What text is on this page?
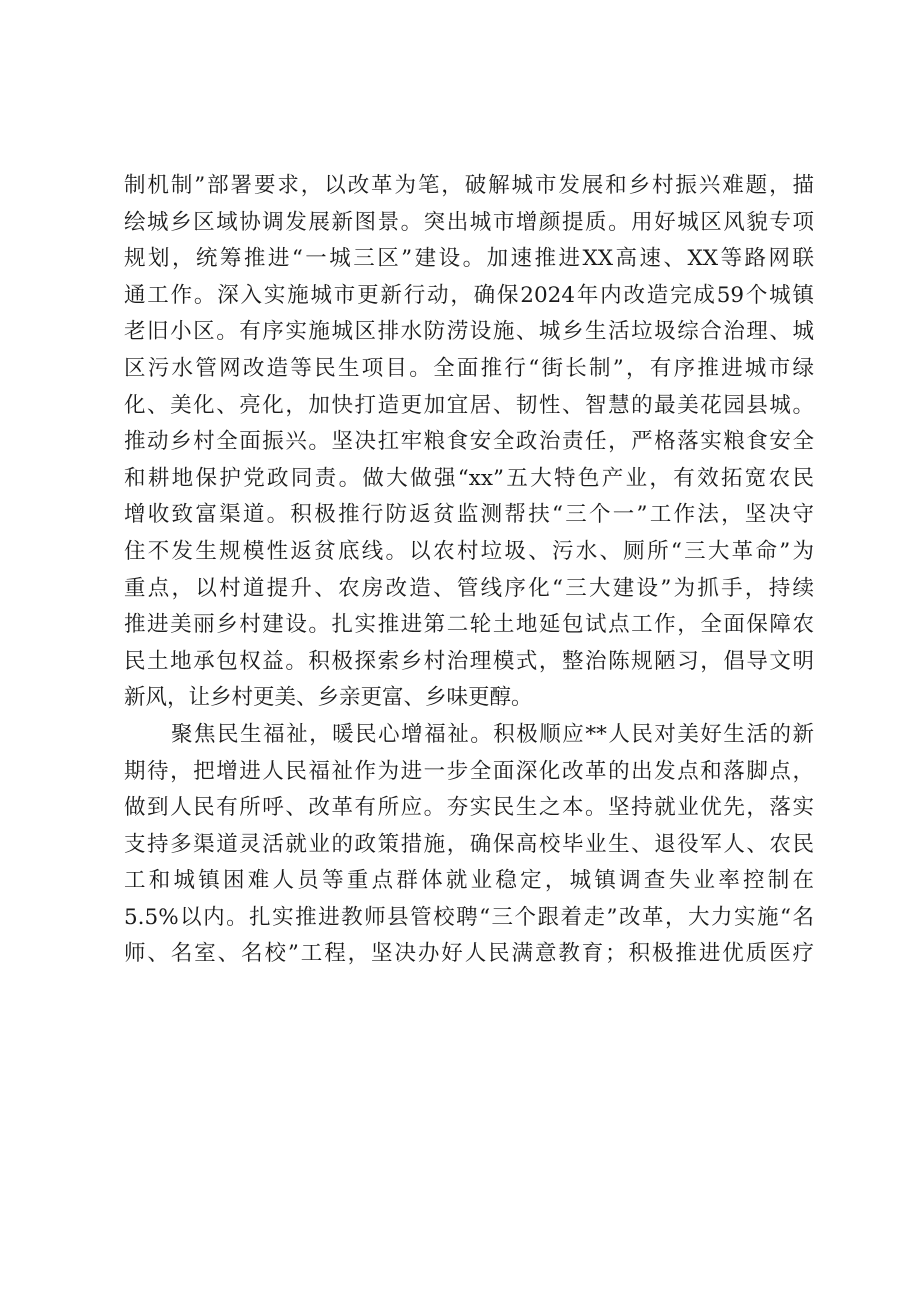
制机制”部署要求，以改革为笔，破解城市发展和乡村振兴难题，描
绘城乡区域协调发展新图景。突出城市增颜提质。用好城区风貌专项
规划，统筹推进“一城三区”建设。加速推进XX高速、XX等路网联
通工作。深入实施城市更新行动，确保2024年内改造完成59个城镇
老旧小区。有序实施城区排水防涝设施、城乡生活垃圾综合治理、城
区污水管网改造等民生项目。全面推行“街长制”，有序推进城市绿
化、美化、亮化，加快打造更加宜居、韧性、智慧的最美花园县城。
推动乡村全面振兴。坚决扛牢粮食安全政治责任，严格落实粮食安全
和耕地保护党政同责。做大做强“xx”五大特色产业，有效拓宽农民
增收致富渠道。积极推行防返贫监测帮扶“三个一”工作法，坚决守
住不发生规模性返贫底线。以农村垃圾、污水、厕所“三大革命”为
重点，以村道提升、农房改造、管线序化“三大建设”为抓手，持续
推进美丽乡村建设。扎实推进第二轮土地延包试点工作，全面保障农
民土地承包权益。积极探索乡村治理模式，整治陈规陋习，倡导文明
新风，让乡村更美、乡亲更富、乡味更醇。
聚焦民生福祉，暖民心增福祉。积极顺应**人民对美好生活的新
期待，把增进人民福祉作为进一步全面深化改革的出发点和落脚点，
做到人民有所呼、改革有所应。夯实民生之本。坚持就业优先，落实
支持多渠道灵活就业的政策措施，确保高校毕业生、退役军人、农民
工和城镇困难人员等重点群体就业稳定，城镇调查失业率控制在
5.5%以内。扎实推进教师县管校聘“三个跟着走”改革，大力实施“名
师、名室、名校”工程，坚决办好人民满意教育；积极推进优质医疗
